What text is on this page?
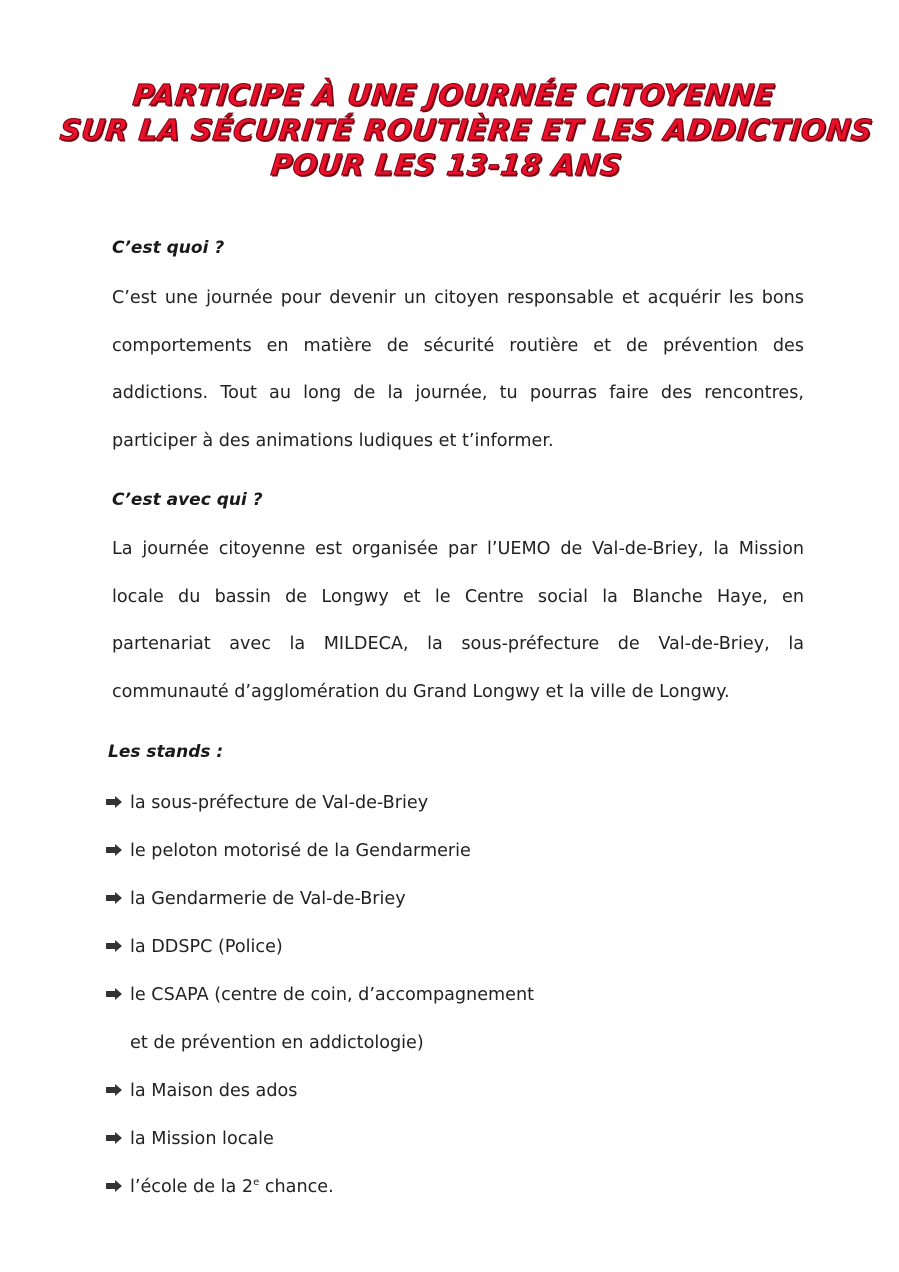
PARTICIPE À UNE JOURNÉE CITOYENNE
SUR LA SÉCURITÉ ROUTIÈRE ET LES ADDICTIONS
POUR LES 13-18 ANS
C’est quoi ?
C’est une journée pour devenir un citoyen responsable et acquérir les bons comportements en matière de sécurité routière et de prévention des addictions. Tout au long de la journée, tu pourras faire des rencontres, participer à des animations ludiques et t’informer.
C’est avec qui ?
La journée citoyenne est organisée par l’UEMO de Val-de-Briey, la Mission locale du bassin de Longwy et le Centre social la Blanche Haye, en partenariat avec la MILDECA, la sous-préfecture de Val-de-Briey, la communauté d’agglomération du Grand Longwy et la ville de Longwy.
Les stands :
la sous-préfecture de Val-de-Briey
le peloton motorisé de la Gendarmerie
la Gendarmerie de Val-de-Briey
la DDSPC (Police)
le CSAPA (centre de coin, d’accompagnement
et de prévention en addictologie)
la Maison des ados
la Mission locale
l’école de la 2e chance.
